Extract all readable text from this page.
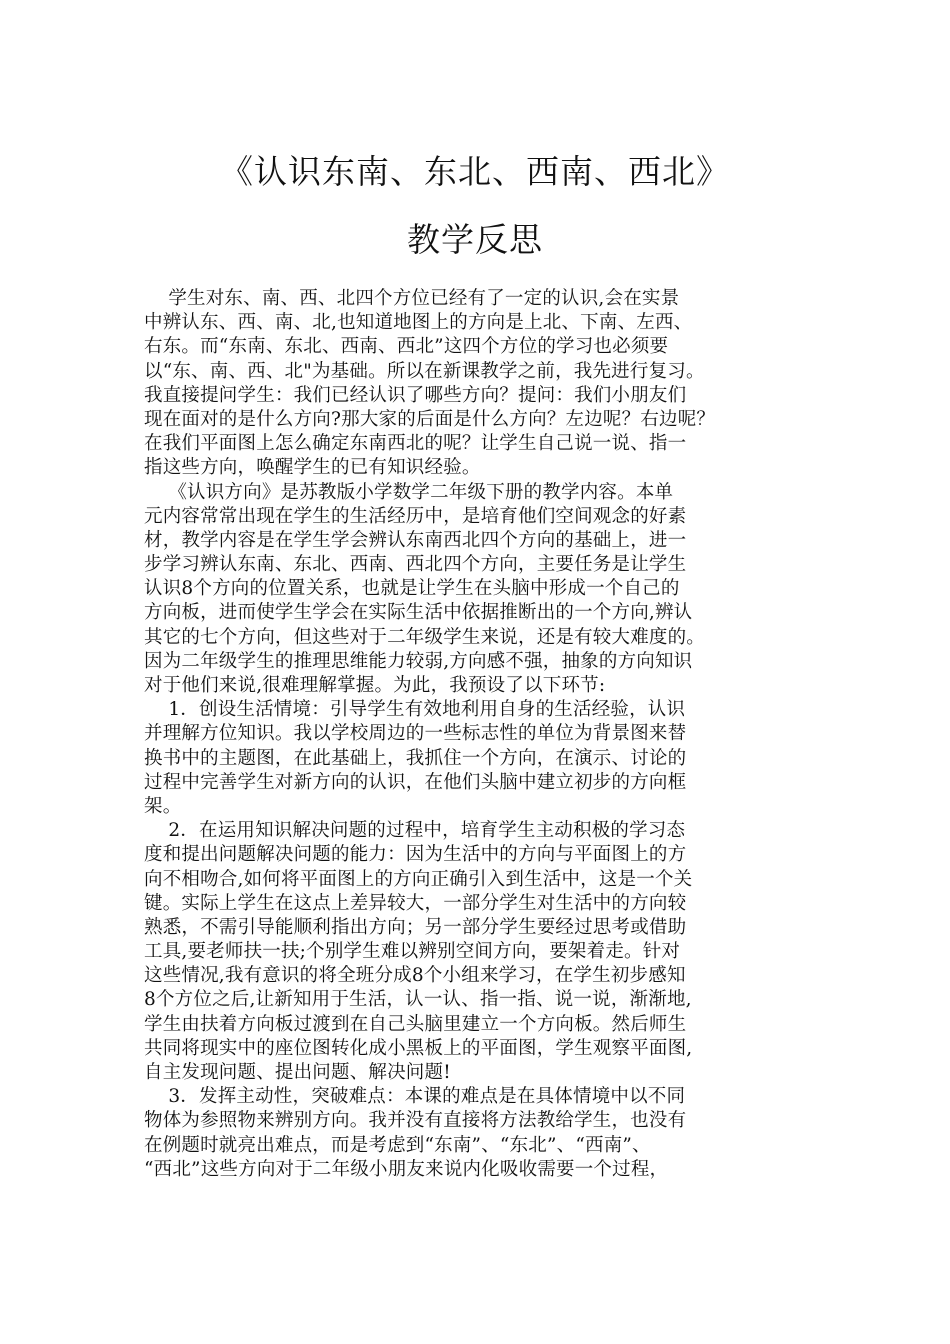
《认识东南、东北、西南、西北》
教学反思
学生对东、南、西、北四个方位已经有了一定的认识,会在实景
中辨认东、西、南、北,也知道地图上的方向是上北、下南、左西、
右东。而“东南、东北、西南、西北”这四个方位的学习也必须要
以“东、南、西、北"为基础。所以在新课教学之前，我先进行复习。
我直接提问学生：我们已经认识了哪些方向？提问：我们小朋友们
现在面对的是什么方向?那大家的后面是什么方向？左边呢？右边呢？
在我们平面图上怎么确定东南西北的呢？让学生自己说一说、指一
指这些方向，唤醒学生的已有知识经验。
《认识方向》是苏教版小学数学二年级下册的教学内容。本单
元内容常常出现在学生的生活经历中，是培育他们空间观念的好素
材，教学内容是在学生学会辨认东南西北四个方向的基础上，进一
步学习辨认东南、东北、西南、西北四个方向，主要任务是让学生
认识8个方向的位置关系，也就是让学生在头脑中形成一个自己的
方向板，进而使学生学会在实际生活中依据推断出的一个方向,辨认
其它的七个方向，但这些对于二年级学生来说，还是有较大难度的。
因为二年级学生的推理思维能力较弱,方向感不强，抽象的方向知识
对于他们来说,很难理解掌握。为此，我预设了以下环节:
1．创设生活情境：引导学生有效地利用自身的生活经验，认识
并理解方位知识。我以学校周边的一些标志性的单位为背景图来替
换书中的主题图，在此基础上，我抓住一个方向，在演示、讨论的
过程中完善学生对新方向的认识，在他们头脑中建立初步的方向框
架。
2．在运用知识解决问题的过程中，培育学生主动积极的学习态
度和提出问题解决问题的能力：因为生活中的方向与平面图上的方
向不相吻合,如何将平面图上的方向正确引入到生活中，这是一个关
键。实际上学生在这点上差异较大，一部分学生对生活中的方向较
熟悉，不需引导能顺利指出方向；另一部分学生要经过思考或借助
工具,要老师扶一扶;个别学生难以辨别空间方向，要架着走。针对
这些情况,我有意识的将全班分成8个小组来学习，在学生初步感知
8个方位之后,让新知用于生活，认一认、指一指、说一说，渐渐地,
学生由扶着方向板过渡到在自己头脑里建立一个方向板。然后师生
共同将现实中的座位图转化成小黑板上的平面图，学生观察平面图,
自主发现问题、提出问题、解决问题!
3．发挥主动性，突破难点：本课的难点是在具体情境中以不同
物体为参照物来辨别方向。我并没有直接将方法教给学生，也没有
在例题时就亮出难点，而是考虑到“东南”、“东北”、“西南”、
“西北”这些方向对于二年级小朋友来说内化吸收需要一个过程，
